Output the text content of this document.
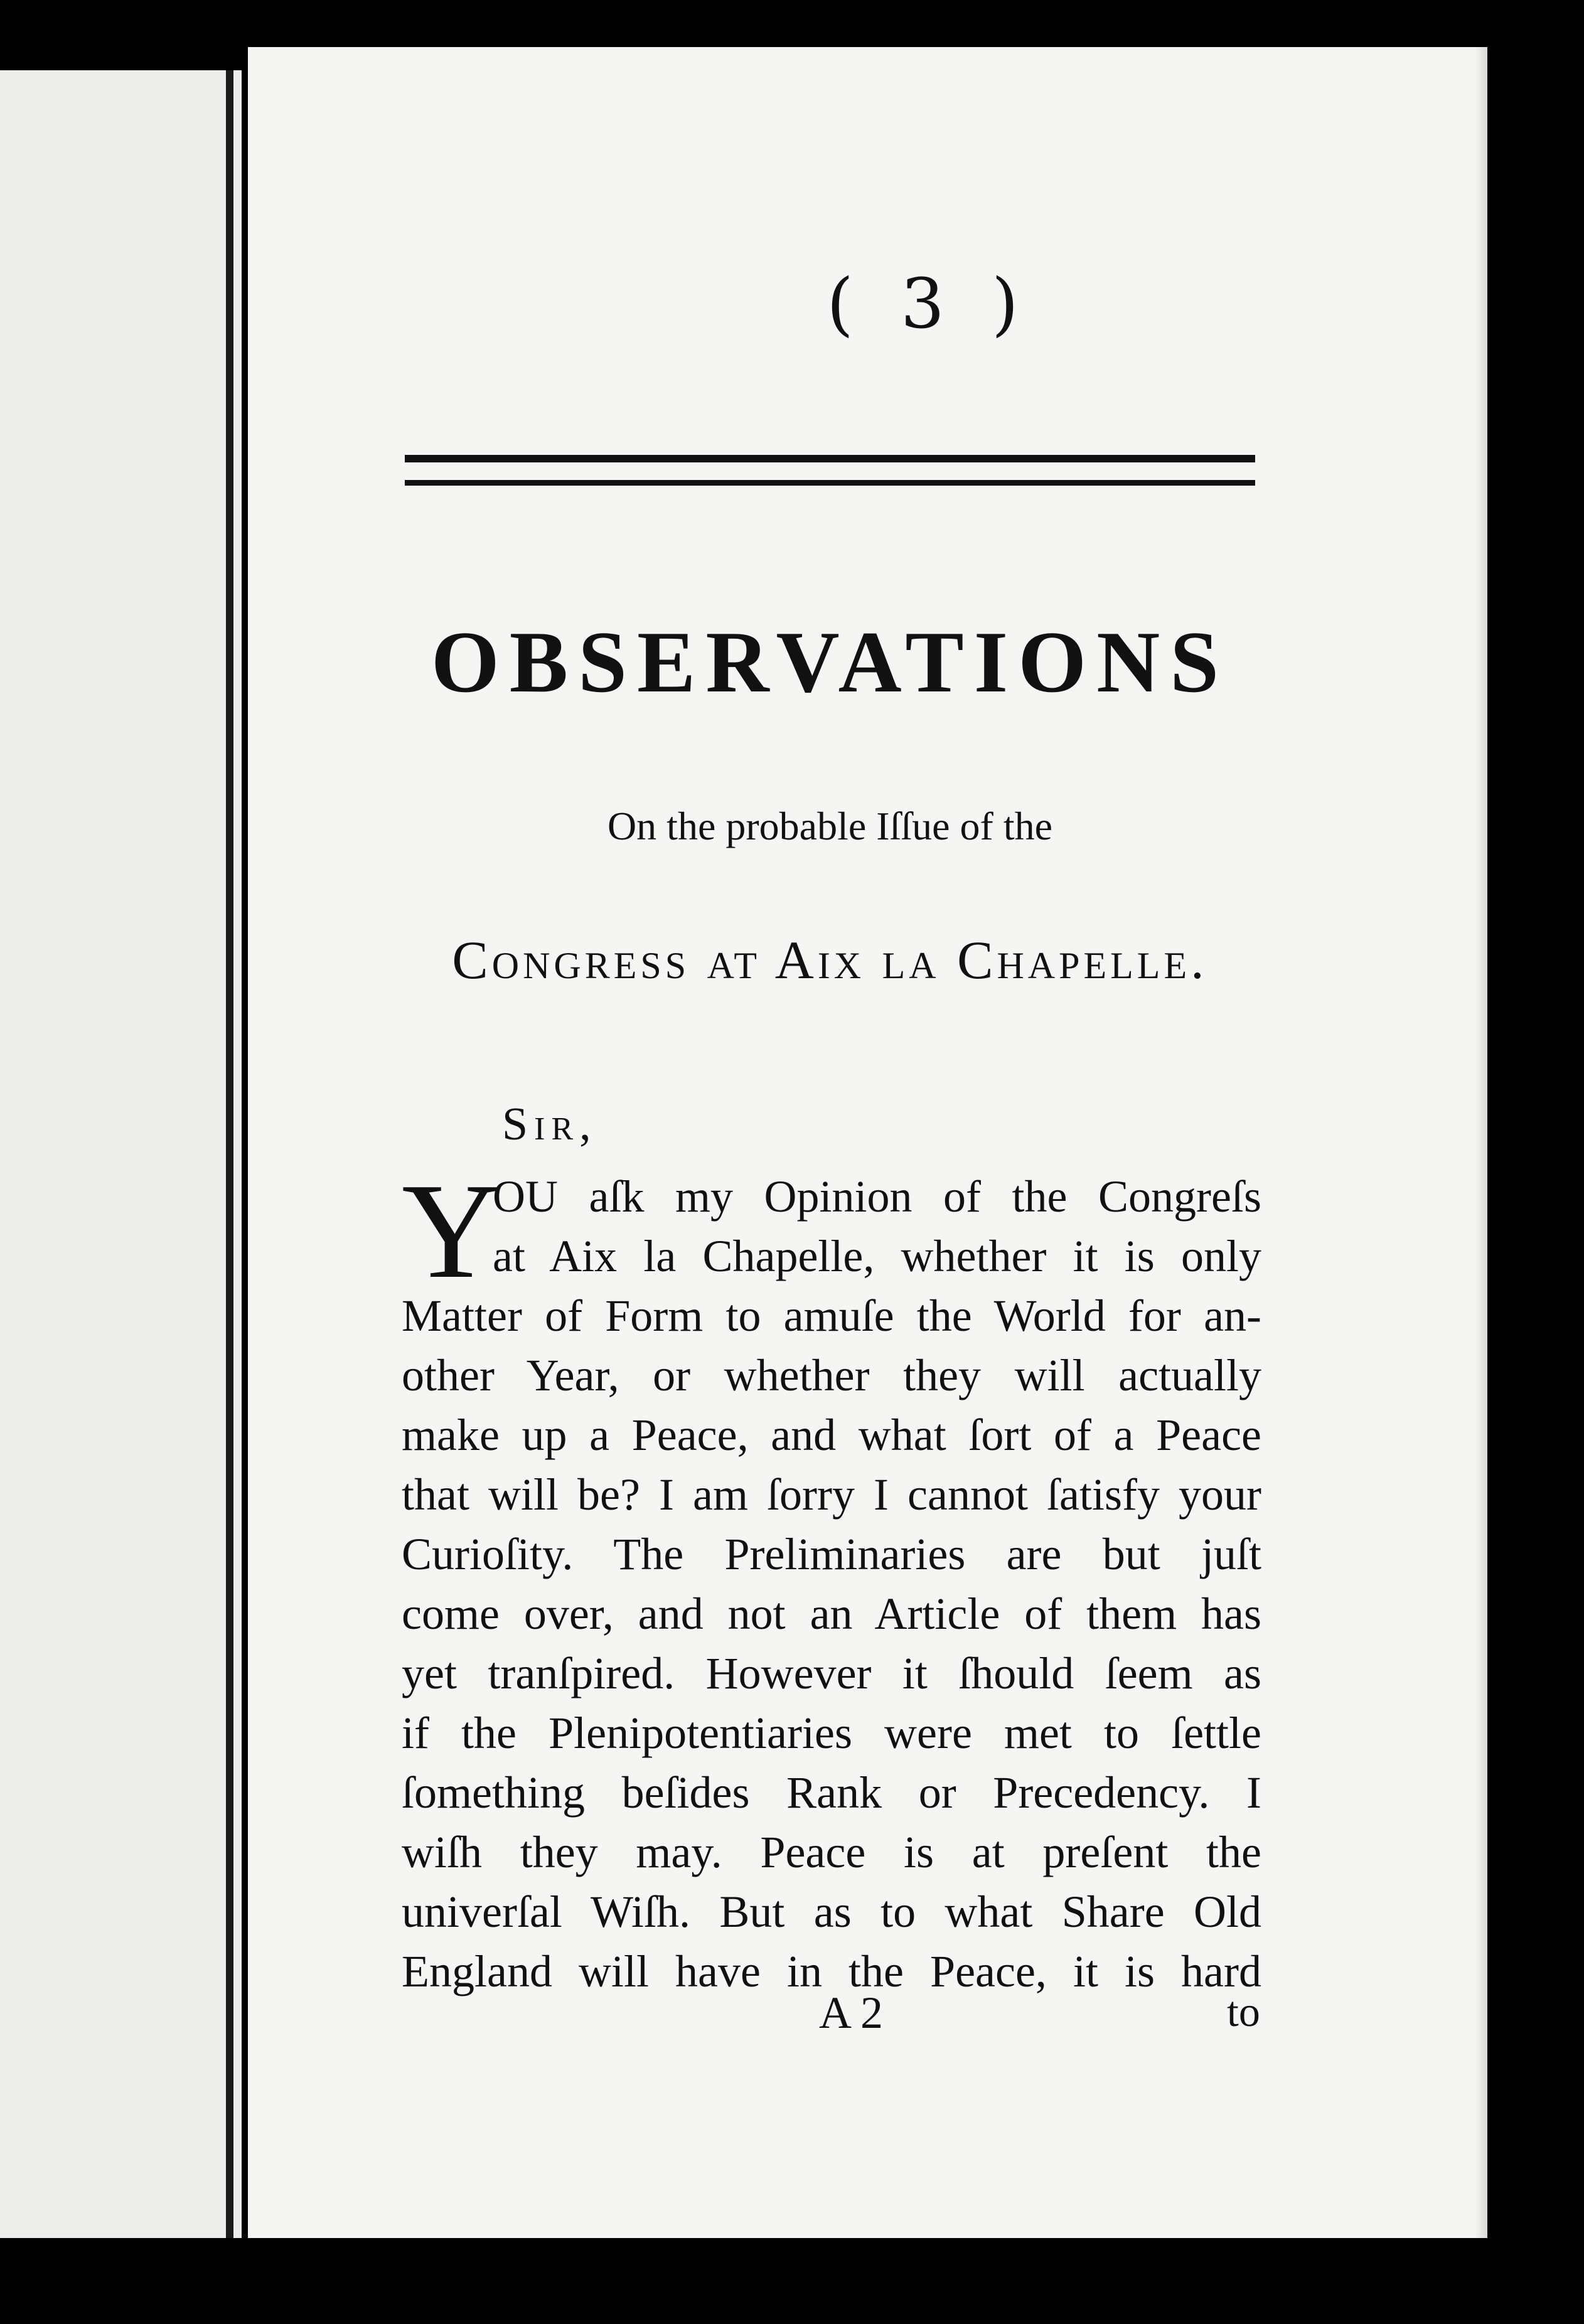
( 3 )
OBSERVATIONS
On the probable Iſſue of the
Congress at Aix la Chapelle.
Sir,
Y
OU aſk my Opinion of the Congreſs
at Aix la Chapelle, whether it is only
Matter of Form to amuſe the World for an-
other Year, or whether they will actually
make up a Peace, and what ſort of a Peace
that will be? I am ſorry I cannot ſatisfy your
Curioſity. The Preliminaries are but juſt
come over, and not an Article of them has
yet tranſpired. However it ſhould ſeem as
if the Plenipotentiaries were met to ſettle
ſomething beſides Rank or Precedency. I
wiſh they may. Peace is at preſent the
univerſal Wiſh. But as to what Share Old
England will have in the Peace, it is hard
A 2	to
